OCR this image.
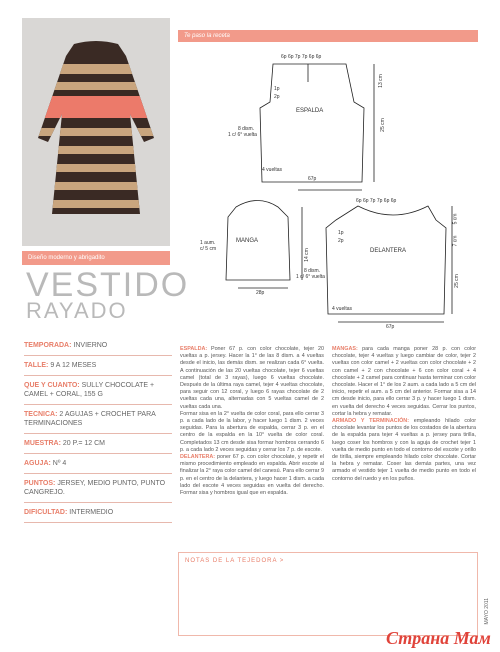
Diseño moderno y abrigadito
VESTIDO
RAYADO
TEMPORADA: INVIERNO
TALLE: 9 A 12 MESES
QUE Y CUANTO: SULLY CHOCOLATE + CAMEL + CORAL, 155 G
TECNICA: 2 AGUJAS + CROCHET PARA TERMINACIONES
MUESTRA: 20 P.= 12 CM
AGUJA: Nº 4
PUNTOS: JERSEY, MEDIO PUNTO, PUNTO CANGREJO.
DIFICULTAD: INTERMEDIO
Te paso la receta
6p 6p 7p 7p 6p 6p
ESPALDA
1p
2p
8 dism.
1 c/ 6° vuelta
4 vueltas
67p
25 cm
13 cm
MANGA
1 aum.
c/ 5 cm	14 cm
28p
6p 6p 7p 7p 6p 6p
DELANTERA
1p
2p
8 dism.
1 c/ 6° vuelta
4 vueltas
67p
5 cm
7 cm
25 cm

ESPALDA: Poner 67 p. con color chocolate, tejer 20 vueltas a p. jersey. Hacer la 1° de las 8 dism. a 4 vueltas desde el inicio, las demás dism. se realizan cada 6° vuelta. A continuación de las 20 vueltas chocolate, tejer 6 vueltas camel (total de 3 rayas), luego 6 vueltas chocolate. Después de la última raya camel, tejer 4 vueltas chocolate, para seguir con 12 coral, y luego 6 rayas chocolate de 2 vueltas cada una, alternadas con 5 vueltas camel de 2 vueltas cada una.

Formar sisa en la 2° vuelta de color coral, para ello cerrar 3 p. a cada lado de la labor, y hacer luego 1 dism. 2 veces seguidas. Para la abertura de espalda, cerrar 3 p. en el centro de la espalda en la 10° vuelta de color coral. Completados 13 cm desde sisa formar hombros cerrando 6 p. a cada lado 2 veces seguidas y cerrar los 7 p. de escote.

DELANTERA: poner 67 p. con color chocolate, y repetir el mismo procedimiento empleado en espalda. Abrir escote al finalizar la 2° raya color camel del canesú. Para ello cerrar 9 p. en el centro de la delantera, y luego hacer 1 dism. a cada lado del escote 4 veces seguidas en vuelta del derecho. Formar sisa y hombros igual que en espalda.

MANGAS: para cada manga poner 28 p. con color chocolate, tejer 4 vueltas y luego cambiar de color, tejer 2 vueltas con color camel + 2 vueltas con color chocolate + 2 con camel + 2 con chocolate + 6 con color coral + 4 chocolate + 2 camel para continuar hasta terminar con color chocolate. Hacer el 1° de los 2 aum. a cada lado a 5 cm del inicio, repetir el aum. a 5 cm del anterior. Formar sisa a 14 cm desde inicio, para ello cerrar 3 p. y hacer luego 1 dism. en vuelta del derecho 4 veces seguidas. Cerrar los puntos, cortar la hebra y rematar.

ARMADO Y TERMINACIÓN: empleando hilado color chocolate levantar los puntos de los costados de la abertura de la espalda para tejer 4 vueltas a p. jersey para tirilla, luego coser los hombros y con la aguja de crochet tejer 1 vuelta de medio punto en todo el contorno del escote y orillo de tirilla, siempre empleando hilado color chocolate. Cortar la hebra y rematar. Coser las demás partes, una vez armado el vestido tejer 1 vuelta de medio punto en todo el contorno del ruedo y en los puños.

NOTAS DE LA TEJEDORA >
MAYO 2011
Страна Мам
